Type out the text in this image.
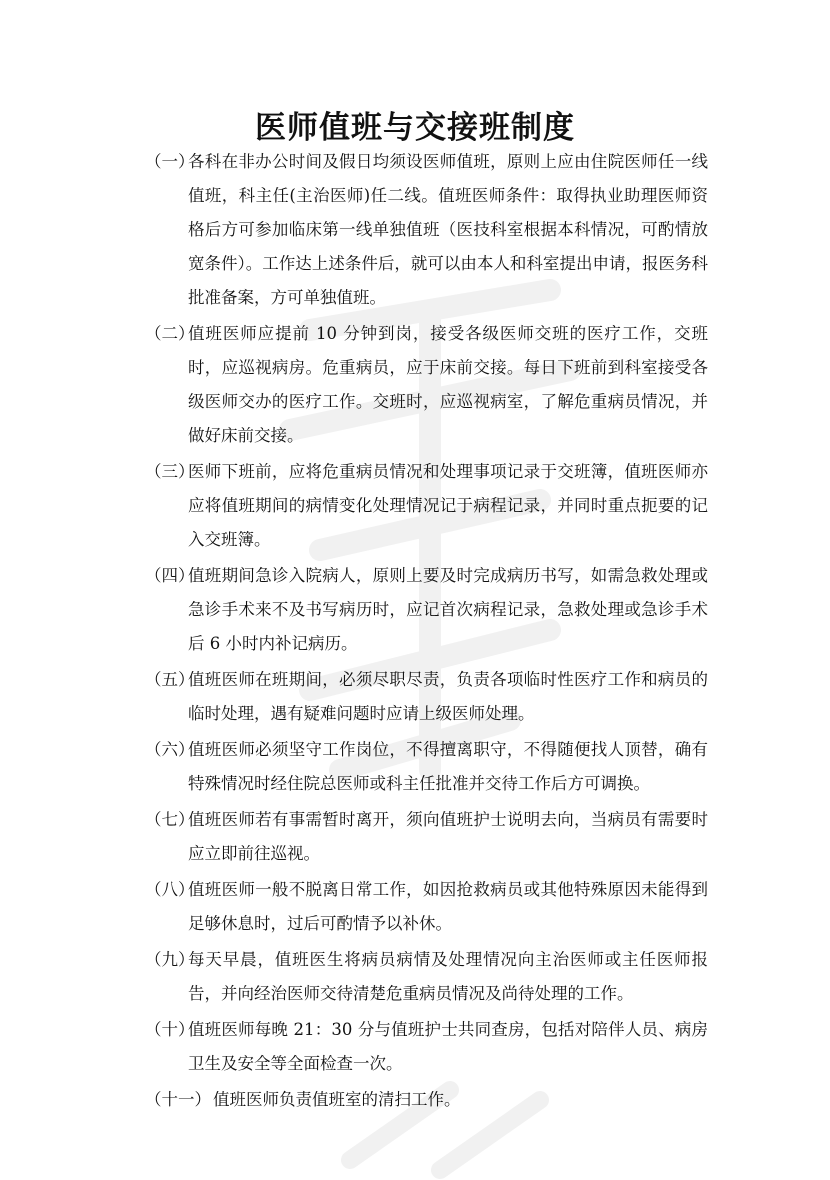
医师值班与交接班制度
（一）
各科在非办公时间及假日均须设医师值班，原则上应由住院医师任一线值班，科主任(主治医师)任二线。值班医师条件：取得执业助理医师资格后方可参加临床第一线单独值班（医技科室根据本科情况，可酌情放宽条件）。工作达上述条件后，就可以由本人和科室提出申请，报医务科批准备案，方可单独值班。
（二）
值班医师应提前 10 分钟到岗，接受各级医师交班的医疗工作，交班时，应巡视病房。危重病员，应于床前交接。每日下班前到科室接受各级医师交办的医疗工作。交班时，应巡视病室，了解危重病员情况，并做好床前交接。
（三）
医师下班前，应将危重病员情况和处理事项记录于交班簿，值班医师亦应将值班期间的病情变化处理情况记于病程记录，并同时重点扼要的记入交班簿。
（四）
值班期间急诊入院病人，原则上要及时完成病历书写，如需急救处理或急诊手术来不及书写病历时，应记首次病程记录，急救处理或急诊手术后 6 小时内补记病历。
（五）
值班医师在班期间，必须尽职尽责，负责各项临时性医疗工作和病员的临时处理，遇有疑难问题时应请上级医师处理。
（六）
值班医师必须坚守工作岗位，不得擅离职守，不得随便找人顶替，确有特殊情况时经住院总医师或科主任批准并交待工作后方可调换。
（七）
值班医师若有事需暂时离开，须向值班护士说明去向，当病员有需要时应立即前往巡视。
（八）
值班医师一般不脱离日常工作，如因抢救病员或其他特殊原因未能得到足够休息时，过后可酌情予以补休。
（九）
每天早晨，值班医生将病员病情及处理情况向主治医师或主任医师报告，并向经治医师交待清楚危重病员情况及尚待处理的工作。
（十）
值班医师每晚 21：30 分与值班护士共同查房，包括对陪伴人员、病房卫生及安全等全面检查一次。
（十一） 值班医师负责值班室的清扫工作。
